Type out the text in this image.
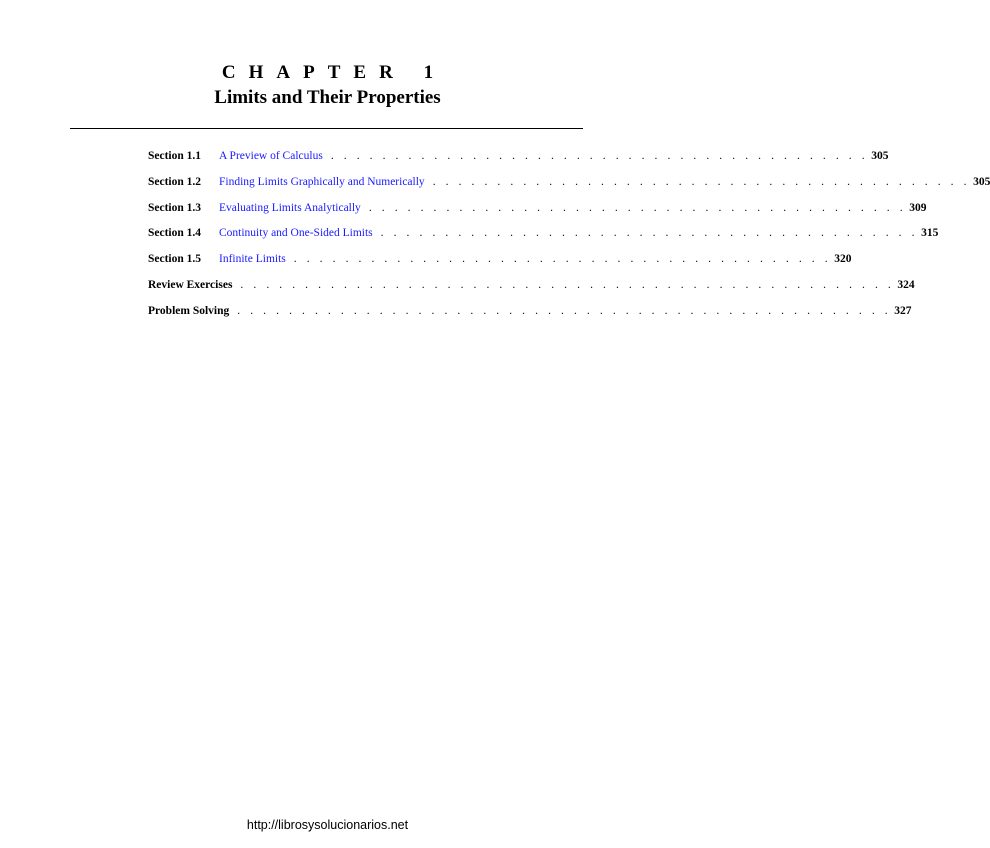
CHAPTER 1
Limits and Their Properties
Section 1.1	A Preview of Calculus . . . . . . . . . . . . . . . . . . . . . . . . . . . . . . . . . . . . . . . . . . 305
Section 1.2	Finding Limits Graphically and Numerically . . . . . . . . . . . . . . . . . . . . . . . . . . . . . . . . . . . . . . . . . . 305
Section 1.3	Evaluating Limits Analytically . . . . . . . . . . . . . . . . . . . . . . . . . . . . . . . . . . . . . . . . . . 309
Section 1.4	Continuity and One-Sided Limits . . . . . . . . . . . . . . . . . . . . . . . . . . . . . . . . . . . . . . . . . . 315
Section 1.5	Infinite Limits . . . . . . . . . . . . . . . . . . . . . . . . . . . . . . . . . . . . . . . . . . 320
Review Exercises . . . . . . . . . . . . . . . . . . . . . . . . . . . . . . . . . . . . . . . . . . . . . . . . . . . 324
Problem Solving . . . . . . . . . . . . . . . . . . . . . . . . . . . . . . . . . . . . . . . . . . . . . . . . . . . 327
http://librosysolucionarios.net
